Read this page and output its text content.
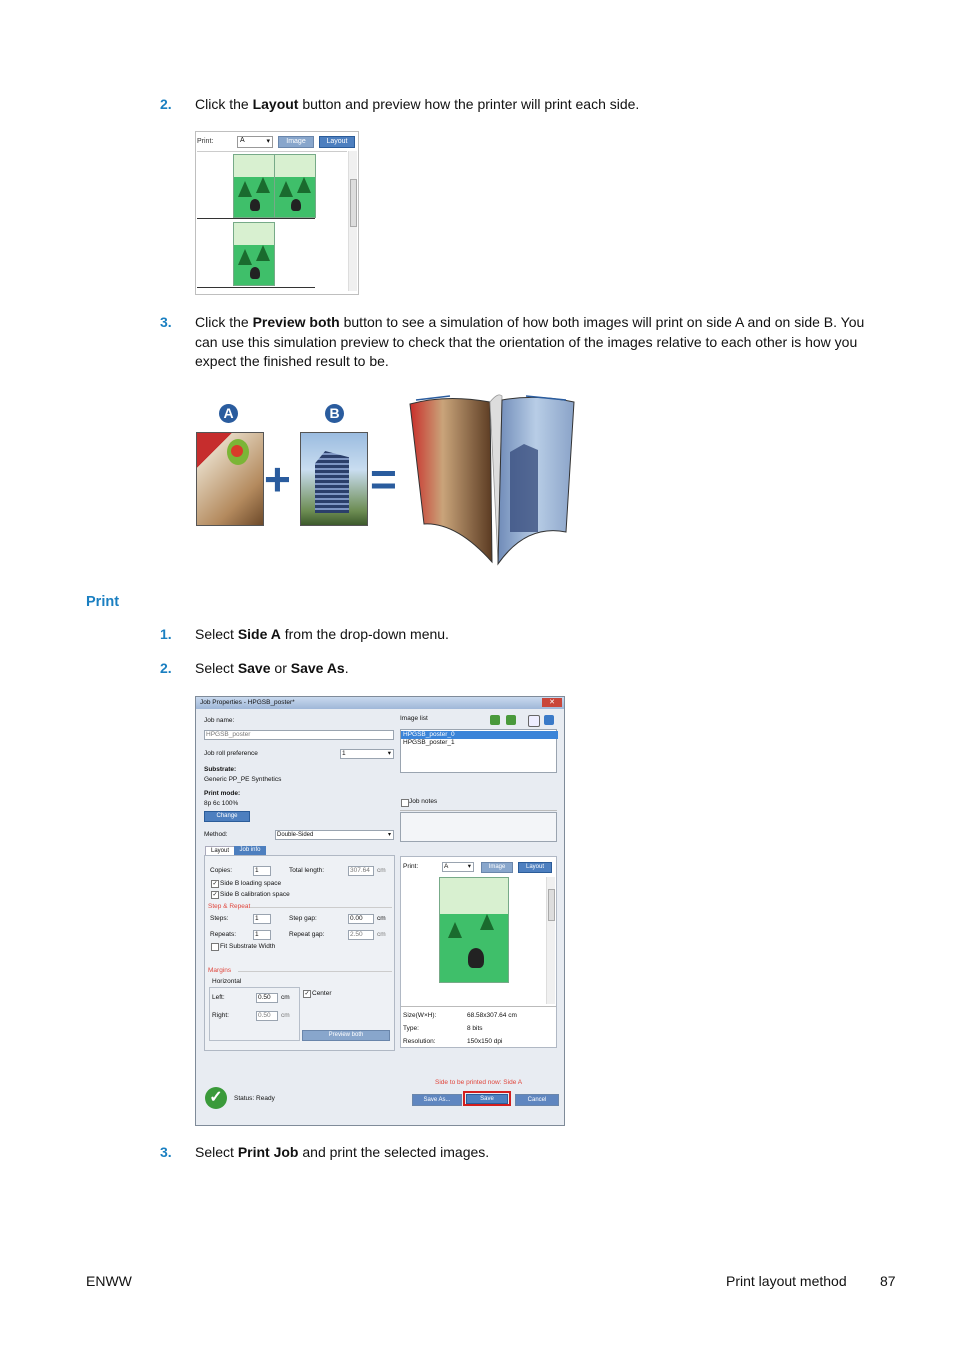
2. Click the Layout button and preview how the printer will print each side.
Print:	A	▾	Image	Layout
3. Click the Preview both button to see a simulation of how both images will print on side A and on side B. You can use this simulation preview to check that the orientation of the images relative to each other is how you expect the finished result to be.
A	B
+ =
Print
1. Select Side A from the drop-down menu.
2. Select Save or Save As.
Job Properties - HPGSB_poster*	✕
Job name:
HPGSB_poster
Job roll preference	1	▾
Substrate:
Generic PP_PE Synthetics
Print mode:
8p 6c 100%
Change
Method:	Double-Sided	▾
Layout	Job info
Copies:	1	Total length:	307.64	cm
✓ Side B loading space
✓ Side B calibration space
Step & Repeat
Steps:	1	Step gap:	0.00	cm
Repeats:	1	Repeat gap:	2.50	cm
Fit Substrate Width
Margins
Horizontal
Left:	0.50	cm
Right:	0.50	cm
✓ Center
Preview both
Image list
HPGSB_poster_0
HPGSB_poster_1
Job notes
Print:	A	▾	Image	Layout
Size(W×H):	68.58x307.64 cm
Type:	8 bits
Resolution:	150x150 dpi
Side to be printed now: Side A
✓	Status: Ready	Save As...	Save	Cancel
3. Select Print Job and print the selected images.
ENWW	Print layout method 87
